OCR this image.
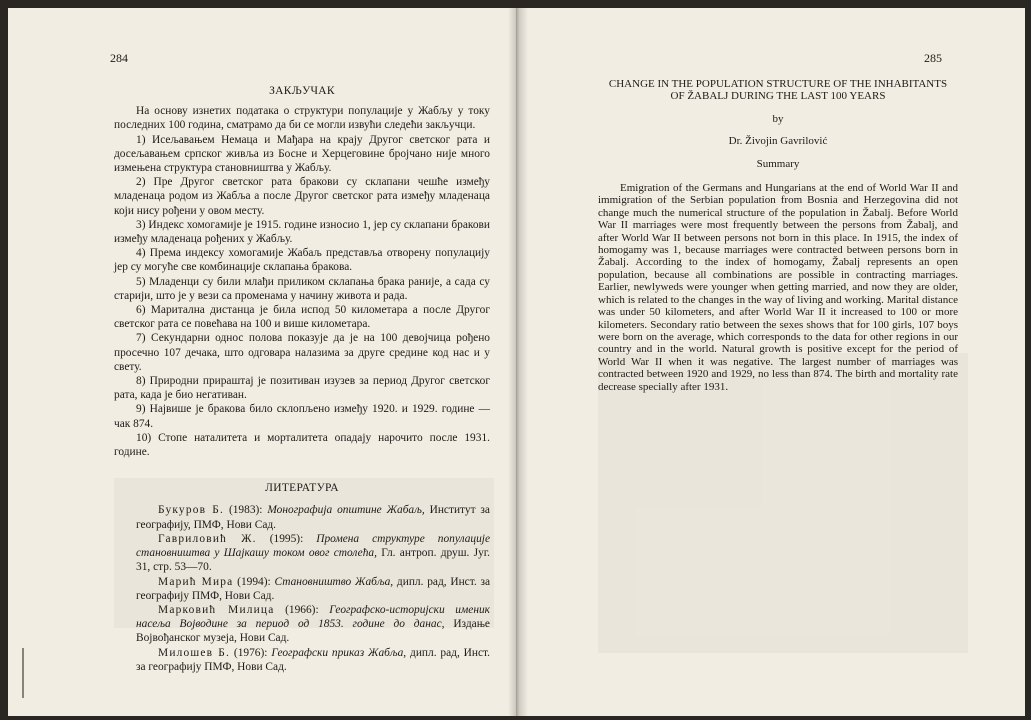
284
ЗАКЉУЧАК

На основу изнетих података о структури популације у Жабљу у току последних 100 година, сматрамо да би се могли извући следећи закључци.

1) Исељавањем Немаца и Мађара на крају Другог светског рата и досељавањем српског живља из Босне и Херцеговине бројчано није много измењена структура становништва у Жабљу.
2) Пре Другог светског рата бракови су склапани чешће између младенаца родом из Жабља а после Другог светског рата између младенаца који нису рођени у овом месту.
3) Индекс хомогамије је 1915. године износио 1, јер су склапани бракови између младенаца рођених у Жабљу.
4) Према индексу хомогамије Жабаљ представља отворену популацију јер су могуће све комбинације склапања бракова.
5) Младенци су били млађи приликом склапања брака раније, а сада су старији, што је у вези са променама у начину живота и рада.
6) Маритална дистанца је била испод 50 километара а после Другог светског рата се повећава на 100 и више километара.
7) Секундарни однос полова показује да је на 100 девојчица рођено просечно 107 дечака, што одговара налазима за друге средине код нас и у свету.
8) Природни прираштај је позитиван изузев за период Другог светског рата, када је био негативан.
9) Највише је бракова било склопљено између 1920. и 1929. године — чак 874.
10) Стопе наталитета и морталитета опадају нарочито после 1931. године.
ЛИТЕРАТУРА

Букуров Б. (1983): Монографија општине Жабаљ, Институт за географију, ПМФ, Нови Сад.

Гавриловић Ж. (1995): Промена структуре популације становништва у Шајкашу током овог столећа, Гл. антроп. друш. Југ. 31, стр. 53—70.

Марић Мира (1994): Становништво Жабља, дипл. рад, Инст. за географију ПМФ, Нови Сад.

Марковић Милица (1966): Географско-историјски именик насеља Војводине за период од 1853. године до данас, Издање Војвођанског музеја, Нови Сад.

Милошев Б. (1976): Географски приказ Жабља, дипл. рад, Инст. за географију ПМФ, Нови Сад.

285

CHANGE IN THE POPULATION STRUCTURE OF THE INHABITANTS

OF ŽABALJ DURING THE LAST 100 YEARS

by

Dr. Živojin Gavrilović

Summary

Emigration of the Germans and Hungarians at the end of World War II and immigration of the Serbian population from Bosnia and Herzegovina did not change much the numerical structure of the population in Žabalj. Before World War II marriages were most frequently between the persons from Žabalj, and after World War II between persons not born in this place. In 1915, the index of homogamy was 1, because marriages were contracted between persons born in Žabalj. According to the index of homogamy, Žabalj represents an open population, because all combinations are possible in contracting marriages. Earlier, newlyweds were younger when getting married, and now they are older, which is related to the changes in the way of living and working. Marital distance was under 50 kilometers, and after World War II it increased to 100 or more kilometers. Secondary ratio between the sexes shows that for 100 girls, 107 boys were born on the average, which corresponds to the data for other regions in our country and in the world. Natural growth is positive except for the period of World War II when it was negative. The largest number of marriages was contracted between 1920 and 1929, no less than 874. The birth and mortality rate decrease specially after 1931.
